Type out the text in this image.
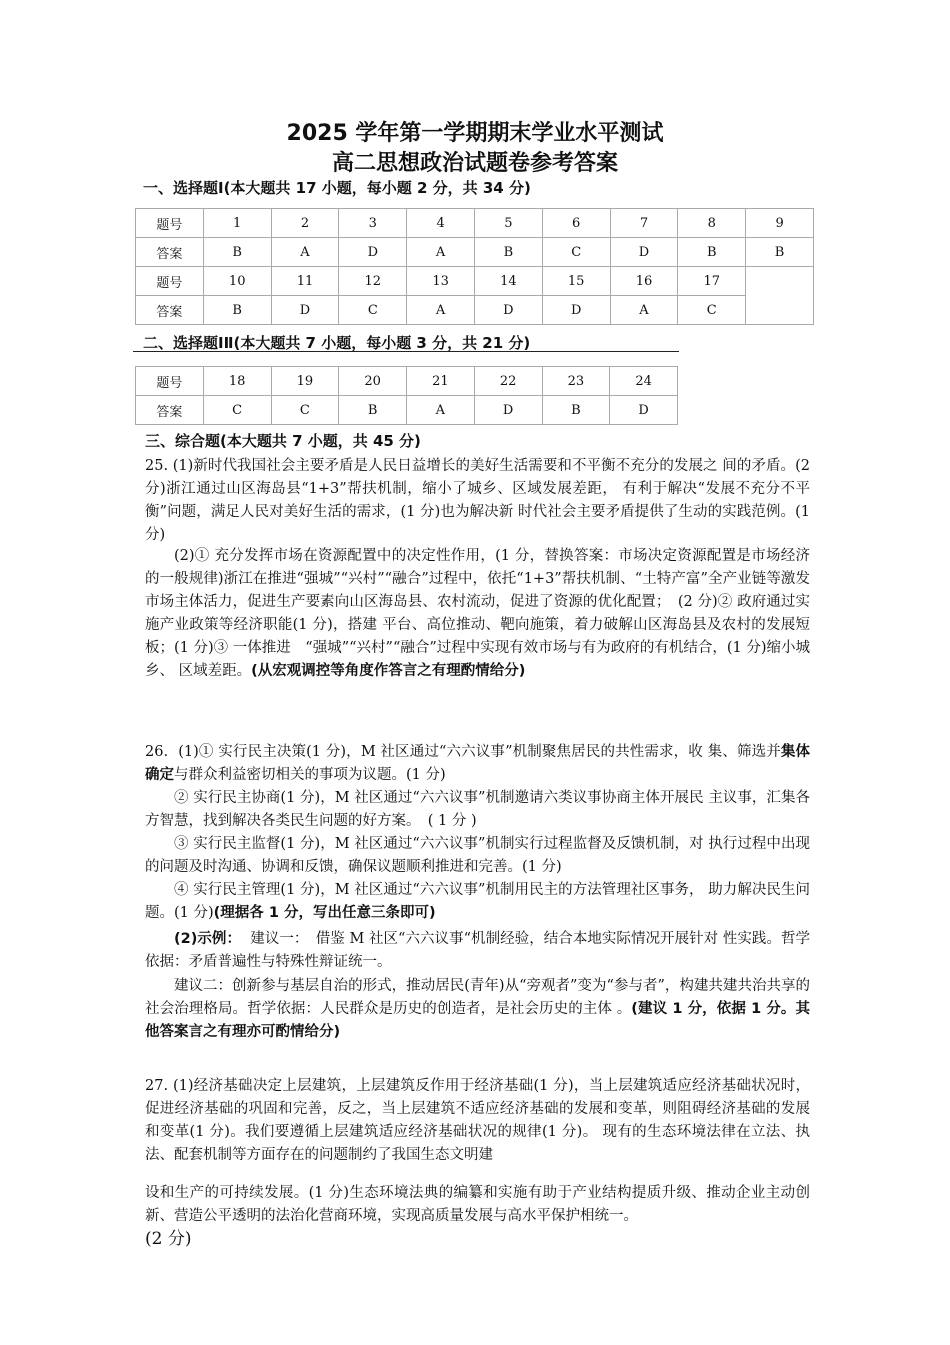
2025 学年第一学期期末学业水平测试
高二思想政治试题卷参考答案
一、选择题Ⅰ(本大题共 17 小题，每小题 2 分，共 34 分)
题号	1	2	3	4	5	6	7	8	9
答案	B	A	D	A	B	C	D	B	B
题号	10	11	12	13	14	15	16	17	
答案	B	D	C	A	D	D	A	C	
二、选择题ⅠⅡ(本大题共 7 小题，每小题 3 分，共 21 分)
题号	18	19	20	21	22	23	24
答案	C	C	B	A	D	B	D
三、综合题(本大题共 7 小题，共 45 分)
25. (1)新时代我国社会主要矛盾是人民日益增长的美好生活需要和不平衡不充分的发展之 间的矛盾。(2 分)浙江通过山区海岛县“1+3”帮扶机制，缩小了城乡、区域发展差距， 有利于解决“发展不充分不平衡”问题，满足人民对美好生活的需求，(1 分)也为解决新 时代社会主要矛盾提供了生动的实践范例。(1 分)
(2)① 充分发挥市场在资源配置中的决定性作用，(1 分，替换答案：市场决定资源配置是市场经济的一般规律)浙江在推进“强城”“兴村”“融合”过程中，依托“1+3”帮扶机制、“土特产富”全产业链等激发市场主体活力，促进生产要素向山区海岛县、农村流动，促进了资源的优化配置；　(2 分)② 政府通过实施产业政策等经济职能(1 分)，搭建 平台、高位推动、靶向施策，着力破解山区海岛县及农村的发展短板；(1 分)③ 一体推进　“强城”“兴村”“融合”过程中实现有效市场与有为政府的有机结合，(1 分)缩小城乡、 区域差距。(从宏观调控等角度作答言之有理酌情给分)
26．(1)① 实行民主决策(1 分)，M 社区通过“六六议事”机制聚焦居民的共性需求，收 集、筛选并集体确定与群众利益密切相关的事项为议题。(1 分)
② 实行民主协商(1 分)，M 社区通过“六六议事”机制邀请六类议事协商主体开展民 主议事，汇集各方智慧，找到解决各类民生问题的好方案。　( 1 分 )
③ 实行民主监督(1 分)，M 社区通过“六六议事”机制实行过程监督及反馈机制，对 执行过程中出现的问题及时沟通、协调和反馈，确保议题顺利推进和完善。(1 分)
④ 实行民主管理(1 分)，M 社区通过“六六议事”机制用民主的方法管理社区事务， 助力解决民生问题。(1 分)(理据各 1 分，写出任意三条即可)
(2)示例： 建议一：　借鉴 M 社区“六六议事“机制经验，结合本地实际情况开展针对 性实践。哲学依据：矛盾普遍性与特殊性辩证统一。
建议二：创新参与基层自治的形式，推动居民(青年)从“旁观者”变为“参与者”，构建共建共治共享的社会治理格局。哲学依据：人民群众是历史的创造者，是社会历史的主体 。(建议 1 分，依据 1 分。其他答案言之有理亦可酌情给分)
27. (1)经济基础决定上层建筑，上层建筑反作用于经济基础(1 分)，当上层建筑适应经济基础状况时，促进经济基础的巩固和完善，反之，当上层建筑不适应经济基础的发展和变革，则阻碍经济基础的发展和变革(1 分)。我们要遵循上层建筑适应经济基础状况的规律(1 分)。 现有的生态环境法律在立法、执法、配套机制等方面存在的问题制约了我国生态文明建
设和生产的可持续发展。(1 分)生态环境法典的编纂和实施有助于产业结构提质升级、推动企业主动创新、营造公平透明的法治化营商环境，实现高质量发展与高水平保护相统一。
(2 分)
